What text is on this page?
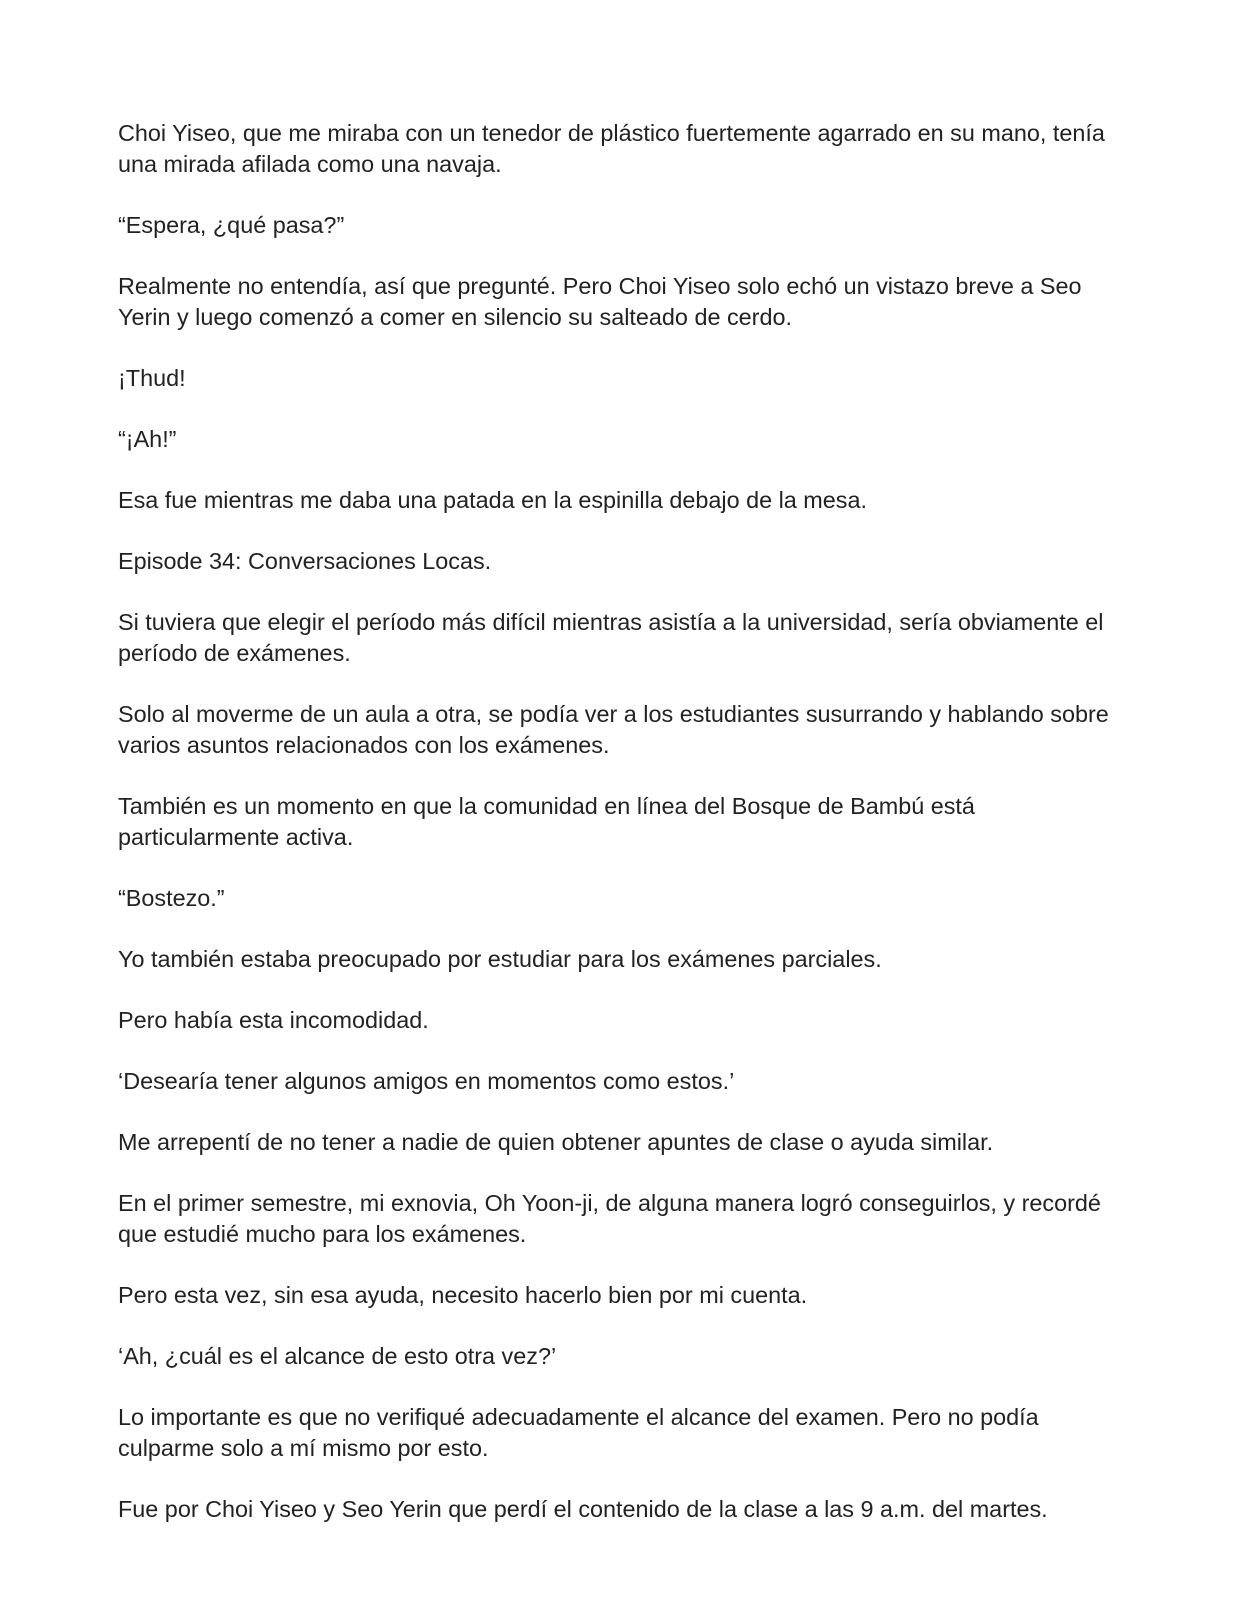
Choi Yiseo, que me miraba con un tenedor de plástico fuertemente agarrado en su mano, tenía una mirada afilada como una navaja.

“Espera, ¿qué pasa?”

Realmente no entendía, así que pregunté. Pero Choi Yiseo solo echó un vistazo breve a Seo Yerin y luego comenzó a comer en silencio su salteado de cerdo.

¡Thud!

“¡Ah!”

Esa fue mientras me daba una patada en la espinilla debajo de la mesa.

Episode 34: Conversaciones Locas.

Si tuviera que elegir el período más difícil mientras asistía a la universidad, sería obviamente el período de exámenes.

Solo al moverme de un aula a otra, se podía ver a los estudiantes susurrando y hablando sobre varios asuntos relacionados con los exámenes.

También es un momento en que la comunidad en línea del Bosque de Bambú está particularmente activa.

“Bostezo.”

Yo también estaba preocupado por estudiar para los exámenes parciales.

Pero había esta incomodidad.

‘Desearía tener algunos amigos en momentos como estos.’

Me arrepentí de no tener a nadie de quien obtener apuntes de clase o ayuda similar.

En el primer semestre, mi exnovia, Oh Yoon-ji, de alguna manera logró conseguirlos, y recordé que estudié mucho para los exámenes.

Pero esta vez, sin esa ayuda, necesito hacerlo bien por mi cuenta.

‘Ah, ¿cuál es el alcance de esto otra vez?’

Lo importante es que no verifiqué adecuadamente el alcance del examen. Pero no podía culparme solo a mí mismo por esto.

Fue por Choi Yiseo y Seo Yerin que perdí el contenido de la clase a las 9 a.m. del martes.
